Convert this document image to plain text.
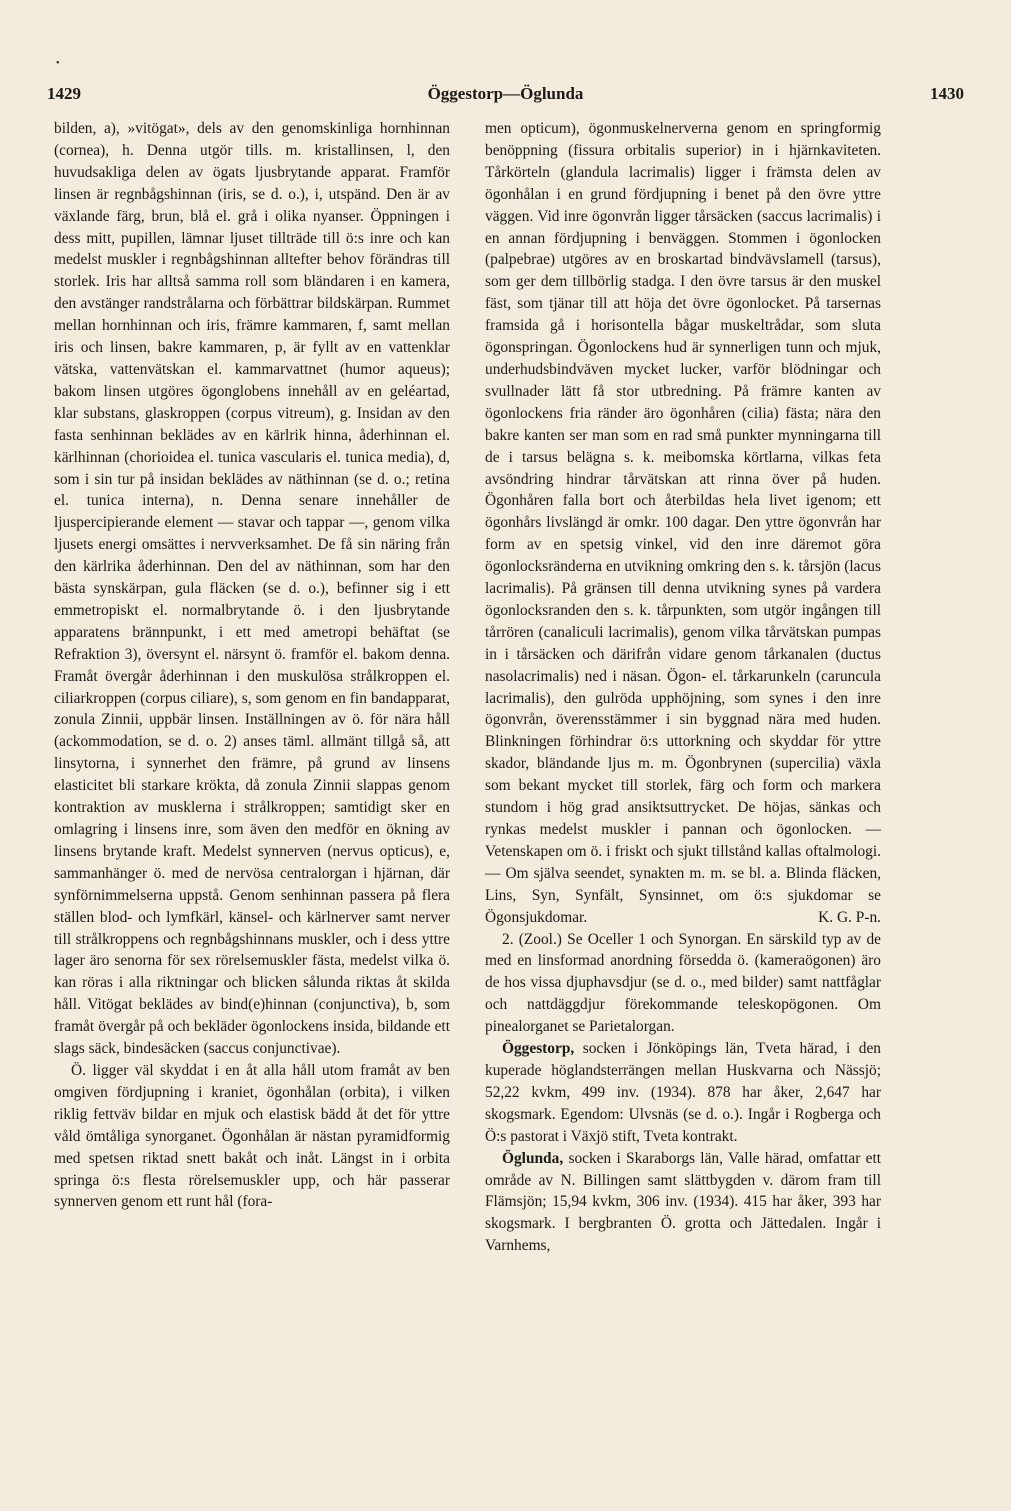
•
1429	Öggestorp—Öglunda	1430

bilden, a), »vitögat», dels av den genomskinliga hornhinnan (cornea), h. Denna utgör tills. m. kristallinsen, l, den huvudsakliga delen av ögats ljusbrytande apparat. Framför linsen är regnbågshinnan (iris, se d. o.), i, utspänd. Den är av växlande färg, brun, blå el. grå i olika nyanser. Öppningen i dess mitt, pupillen, lämnar ljuset tillträde till ö:s inre och kan medelst muskler i regnbågshinnan alltefter behov förändras till storlek. Iris har alltså samma roll som bländaren i en kamera, den avstänger randstrålarna och förbättrar bildskärpan. Rummet mellan hornhinnan och iris, främre kammaren, f, samt mellan iris och linsen, bakre kammaren, p, är fyllt av en vattenklar vätska, vattenvätskan el. kammarvattnet (humor aqueus); bakom linsen utgöres ögonglobens innehåll av en geléartad, klar substans, glaskroppen (corpus vitreum), g. Insidan av den fasta senhinnan beklädes av en kärlrik hinna, åderhinnan el. kärlhinnan (chorioidea el. tunica vascularis el. tunica media), d, som i sin tur på insidan beklädes av näthinnan (se d. o.; retina el. tunica interna), n. Denna senare innehåller de ljuspercipierande element — stavar och tappar —, genom vilka ljusets energi omsättes i nervverksamhet. De få sin näring från den kärlrika åderhinnan. Den del av näthinnan, som har den bästa synskärpan, gula fläcken (se d. o.), befinner sig i ett emmetropiskt el. normalbrytande ö. i den ljusbrytande apparatens brännpunkt, i ett med ametropi behäftat (se Refraktion 3), översynt el. närsynt ö. framför el. bakom denna. Framåt övergår åderhinnan i den muskulösa strålkroppen el. ciliarkroppen (corpus ciliare), s, som genom en fin bandapparat, zonula Zinnii, uppbär linsen. Inställningen av ö. för nära håll (ackommodation, se d. o. 2) anses täml. allmänt tillgå så, att linsytorna, i synnerhet den främre, på grund av linsens elasticitet bli starkare krökta, då zonula Zinnii slappas genom kontraktion av musklerna i strålkroppen; samtidigt sker en omlagring i linsens inre, som även den medför en ökning av linsens brytande kraft. Medelst synnerven (nervus opticus), e, sammanhänger ö. med de nervösa centralorgan i hjärnan, där synförnimmelserna uppstå. Genom senhinnan passera på flera ställen blod- och lymfkärl, känsel- och kärlnerver samt nerver till strålkroppens och regnbågshinnans muskler, och i dess yttre lager äro senorna för sex rörelsemuskler fästa, medelst vilka ö. kan röras i alla riktningar och blicken sålunda riktas åt skilda håll. Vitögat beklädes av bind(e)hinnan (conjunctiva), b, som framåt övergår på och bekläder ögonlockens insida, bildande ett slags säck, bindesäcken (saccus conjunctivae).

Ö. ligger väl skyddat i en åt alla håll utom framåt av ben omgiven fördjupning i kraniet, ögonhålan (orbita), i vilken riklig fettväv bildar en mjuk och elastisk bädd åt det för yttre våld ömtåliga synorganet. Ögonhålan är nästan pyramidformig med spetsen riktad snett bakåt och inåt. Längst in i orbita springa ö:s flesta rörelsemuskler upp, och här passerar synnerven genom ett runt hål (fora-

men opticum), ögonmuskelnerverna genom en springformig benöppning (fissura orbitalis superior) in i hjärnkaviteten. Tårkörteln (glandula lacrimalis) ligger i främsta delen av ögonhålan i en grund fördjupning i benet på den övre yttre väggen. Vid inre ögonvrån ligger tårsäcken (saccus lacrimalis) i en annan fördjupning i benväggen. Stommen i ögonlocken (palpebrae) utgöres av en broskartad bindvävslamell (tarsus), som ger dem tillbörlig stadga. I den övre tarsus är den muskel fäst, som tjänar till att höja det övre ögonlocket. På tarsernas framsida gå i horisontella bågar muskeltrådar, som sluta ögonspringan. Ögonlockens hud är synnerligen tunn och mjuk, underhudsbindväven mycket lucker, varför blödningar och svullnader lätt få stor utbredning. På främre kanten av ögonlockens fria ränder äro ögonhåren (cilia) fästa; nära den bakre kanten ser man som en rad små punkter mynningarna till de i tarsus belägna s. k. meibomska körtlarna, vilkas feta avsöndring hindrar tårvätskan att rinna över på huden. Ögonhåren falla bort och återbildas hela livet igenom; ett ögonhårs livslängd är omkr. 100 dagar. Den yttre ögonvrån har form av en spetsig vinkel, vid den inre däremot göra ögonlocksränderna en utvikning omkring den s. k. tårsjön (lacus lacrimalis). På gränsen till denna utvikning synes på vardera ögonlocksranden den s. k. tårpunkten, som utgör ingången till tårrören (canaliculi lacrimalis), genom vilka tårvätskan pumpas in i tårsäcken och därifrån vidare genom tårkanalen (ductus nasolacrimalis) ned i näsan. Ögon- el. tårkarunkeln (caruncula lacrimalis), den gulröda upphöjning, som synes i den inre ögonvrån, överensstämmer i sin byggnad nära med huden. Blinkningen förhindrar ö:s uttorkning och skyddar för yttre skador, bländande ljus m. m. Ögonbrynen (supercilia) växla som bekant mycket till storlek, färg och form och markera stundom i hög grad ansiktsuttrycket. De höjas, sänkas och rynkas medelst muskler i pannan och ögonlocken. — Vetenskapen om ö. i friskt och sjukt tillstånd kallas oftalmologi. — Om själva seendet, synakten m. m. se bl. a. Blinda fläcken, Lins, Syn, Synfält, Synsinnet, om ö:s sjukdomar se Ögonsjukdomar.	K. G. P-n.

2. (Zool.) Se Oceller 1 och Synorgan. En särskild typ av de med en linsformad anordning försedda ö. (kameraögonen) äro de hos vissa djuphavsdjur (se d. o., med bilder) samt nattfåglar och nattdäggdjur förekommande teleskopögonen. Om pinealorganet se Parietalorgan.

Öggestorp, socken i Jönköpings län, Tveta härad, i den kuperade höglandsterrängen mellan Huskvarna och Nässjö; 52,22 kvkm, 499 inv. (1934). 878 har åker, 2,647 har skogsmark. Egendom: Ulvsnäs (se d. o.). Ingår i Rogberga och Ö:s pastorat i Växjö stift, Tveta kontrakt.

Öglunda, socken i Skaraborgs län, Valle härad, omfattar ett område av N. Billingen samt slättbygden v. därom fram till Flämsjön; 15,94 kvkm, 306 inv. (1934). 415 har åker, 393 har skogsmark. I bergbranten Ö. grotta och Jättedalen. Ingår i Varnhems,
